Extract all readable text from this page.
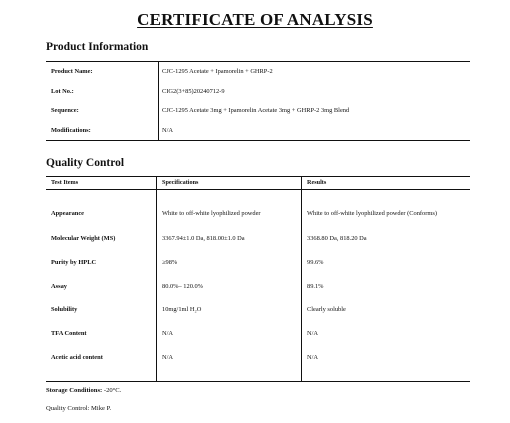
CERTIFICATE OF ANALYSIS
Product Information
Product Name:	CJC-1295 Acetate + Ipamorelin + GHRP-2
Lot No.:	CIG2(3+85)20240712-9
Sequence:	CJC-1295 Acetate 3mg + Ipamorelin Acetate 3mg + GHRP-2 3mg Blend
Modifications:	N/A
Quality Control
Test Items	Specifications	Results
Appearance	White to off-white lyophilized powder	White to off-white lyophilized powder (Conforms)
Molecular Weight (MS)	3367.94±1.0 Da, 818.00±1.0 Da	3368.80 Da, 818.20 Da
Purity by HPLC	≥98%	99.6%
Assay	80.0%– 120.0%	89.1%
Solubility	10mg/1ml H₂O	Clearly soluble
TFA Content	N/A	N/A
Acetic acid content	N/A	N/A
Storage Conditions: -20°C.
Quality Control: Mike P.
